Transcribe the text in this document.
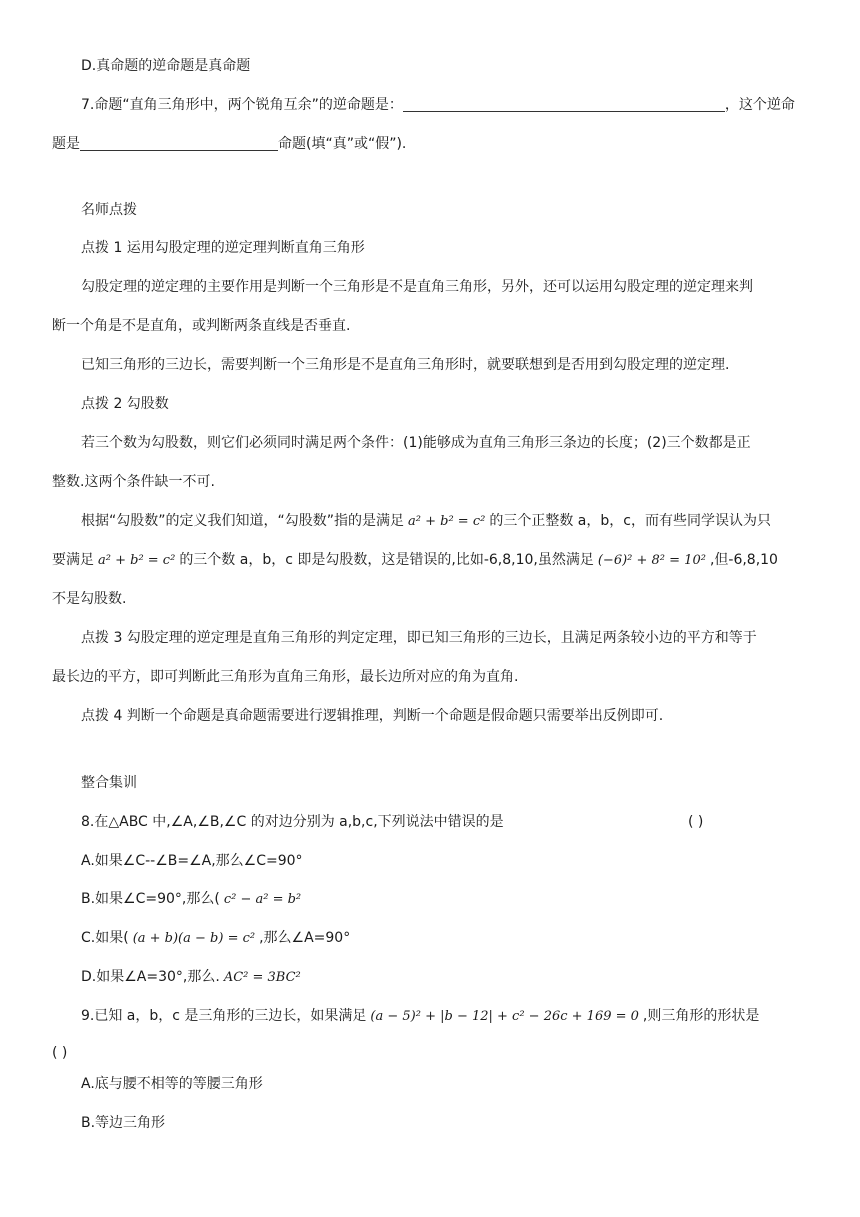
D.真命题的逆命题是真命题
7.命题“直角三角形中，两个锐角互余”的逆命题是：	，这个逆命
题是	命题(填“真”或“假”).
名师点拨
点拨 1 运用勾股定理的逆定理判断直角三角形
勾股定理的逆定理的主要作用是判断一个三角形是不是直角三角形，另外，还可以运用勾股定理的逆定理来判
断一个角是不是直角，或判断两条直线是否垂直.
已知三角形的三边长，需要判断一个三角形是不是直角三角形时，就要联想到是否用到勾股定理的逆定理.
点拨 2 勾股数
若三个数为勾股数，则它们必须同时满足两个条件：(1)能够成为直角三角形三条边的长度；(2)三个数都是正
整数.这两个条件缺一不可.
根据“勾股数”的定义我们知道，“勾股数”指的是满足 a² + b² = c² 的三个正整数 a，b，c，而有些同学误认为只
要满足 a² + b² = c² 的三个数 a，b，c 即是勾股数，这是错误的,比如-6,8,10,虽然满足 (−6)² + 8² = 10² ,但-6,8,10
不是勾股数.
点拨 3 勾股定理的逆定理是直角三角形的判定定理，即已知三角形的三边长，且满足两条较小边的平方和等于
最长边的平方，即可判断此三角形为直角三角形，最长边所对应的角为直角.
点拨 4 判断一个命题是真命题需要进行逻辑推理，判断一个命题是假命题只需要举出反例即可.
整合集训
8.在△ABC 中,∠A,∠B,∠C 的对边分别为 a,b,c,下列说法中错误的是	( )
A.如果∠C--∠B=∠A,那么∠C=90°
B.如果∠C=90°,那么( c² − a² = b²
C.如果( (a + b)(a − b) = c² ,那么∠A=90°
D.如果∠A=30°,那么. AC² = 3BC²
9.已知 a，b，c 是三角形的三边长，如果满足 (a − 5)² + |b − 12| + c² − 26c + 169 = 0 ,则三角形的形状是
( )
A.底与腰不相等的等腰三角形
B.等边三角形
